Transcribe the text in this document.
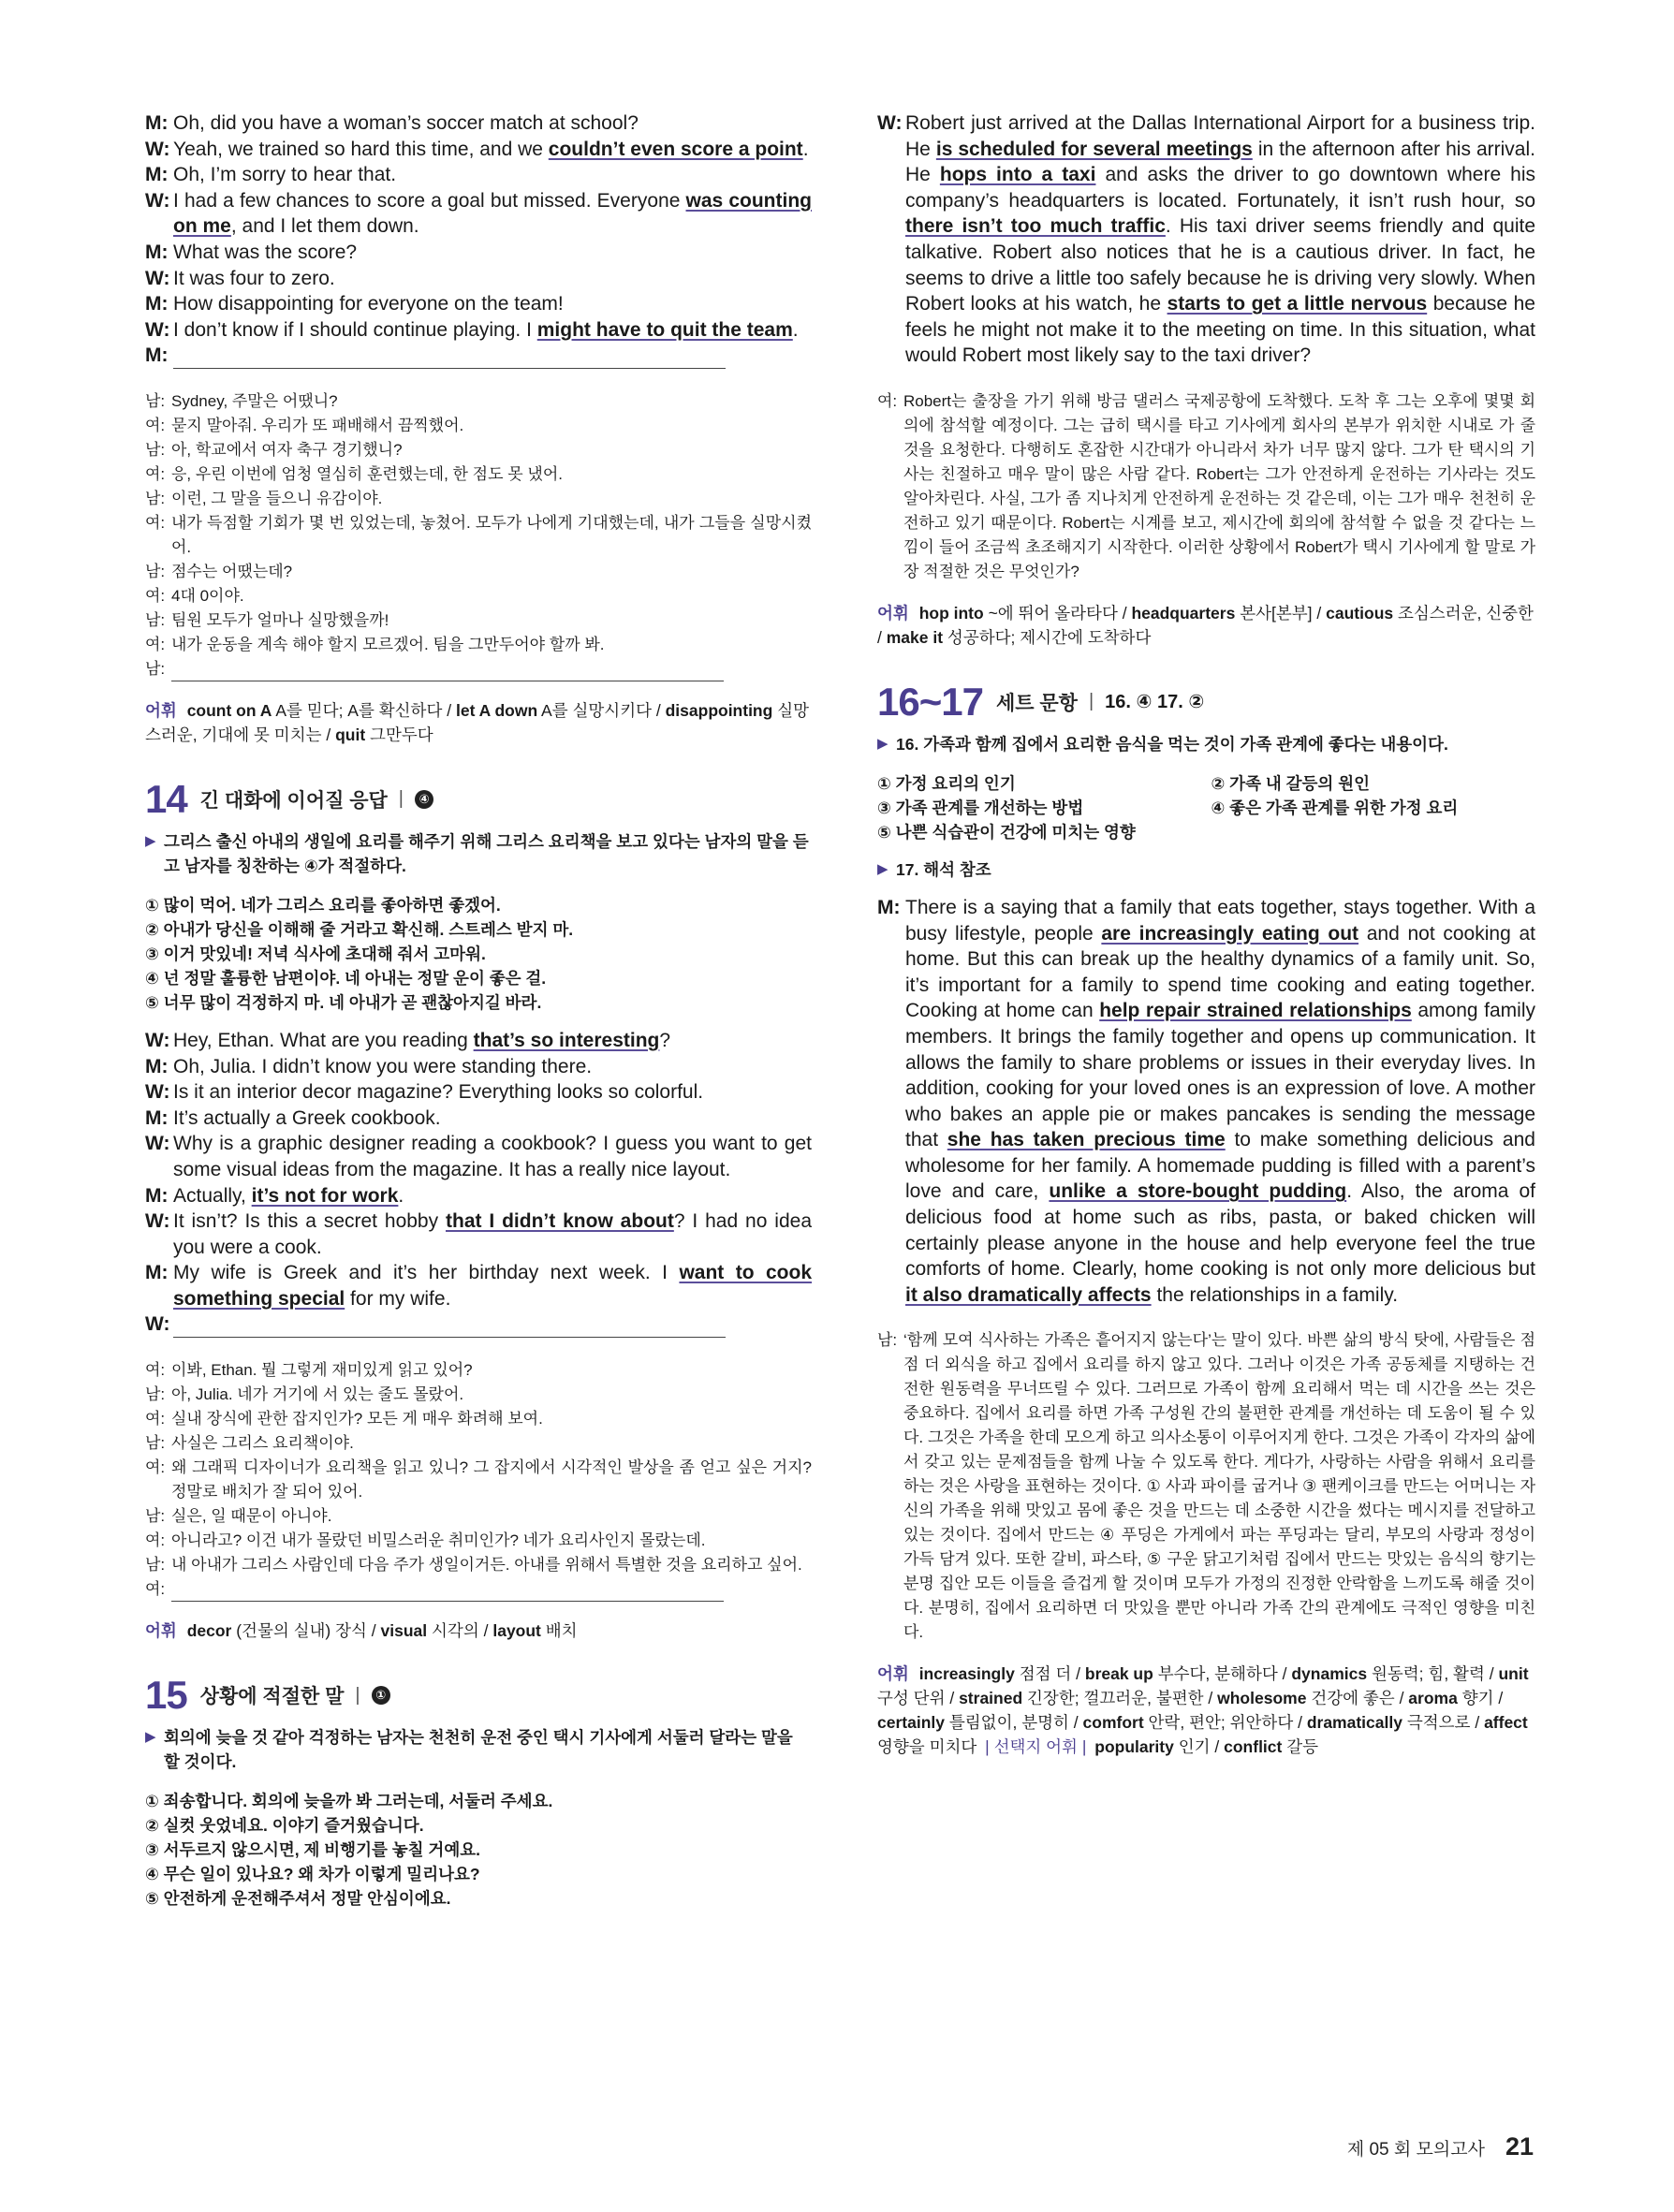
M: Oh, did you have a woman’s soccer match at school?
W: Yeah, we trained so hard this time, and we couldn’t even score a point.
M: Oh, I’m sorry to hear that.
W: I had a few chances to score a goal but missed. Everyone was counting on me, and I let them down.
M: What was the score?
W: It was four to zero.
M: How disappointing for everyone on the team!
W: I don’t know if I should continue playing. I might have to quit the team.
M:
남: Sydney, 주말은 어땠니?
여: 묻지 말아줘. 우리가 또 패배해서 끔찍했어.
남: 아, 학교에서 여자 축구 경기했니?
여: 응, 우린 이번에 엄청 열심히 훈련했는데, 한 점도 못 냈어.
남: 이런, 그 말을 들으니 유감이야.
여: 내가 득점할 기회가 몇 번 있었는데, 놓쳤어. 모두가 나에게 기대했는데, 내가 그들을 실망시켰어.
남: 점수는 어땠는데?
여: 4대 0이야.
남: 팀원 모두가 얼마나 실망했을까!
여: 내가 운동을 계속 해야 할지 모르겠어. 팀을 그만두어야 할까 봐.
남:
어휘 count on A A를 믿다; A를 확신하다 / let A down A를 실망시키다 / disappointing 실망스러운, 기대에 못 미치는 / quit 그만두다
14 긴 대화에 이어질 응답 |	④
▶ 그리스 출신 아내의 생일에 요리를 해주기 위해 그리스 요리책을 보고 있다는 남자의 말을 듣고 남자를 칭찬하는 ④가 적절하다.
① 많이 먹어. 네가 그리스 요리를 좋아하면 좋겠어.
② 아내가 당신을 이해해 줄 거라고 확신해. 스트레스 받지 마.
③ 이거 맛있네! 저녁 식사에 초대해 줘서 고마워.
④ 넌 정말 훌륭한 남편이야. 네 아내는 정말 운이 좋은 걸.
⑤ 너무 많이 걱정하지 마. 네 아내가 곧 괜찮아지길 바라.
W: Hey, Ethan. What are you reading that’s so interesting?
M: Oh, Julia. I didn’t know you were standing there.
W: Is it an interior decor magazine? Everything looks so colorful.
M: It’s actually a Greek cookbook.
W: Why is a graphic designer reading a cookbook? I guess you want to get some visual ideas from the magazine. It has a really nice layout.
M: Actually, it’s not for work.
W: It isn’t? Is this a secret hobby that I didn’t know about? I had no idea you were a cook.
M: My wife is Greek and it’s her birthday next week. I want to cook something special for my wife.
W:
여: 이봐, Ethan. 뭘 그렇게 재미있게 읽고 있어?
남: 아, Julia. 네가 거기에 서 있는 줄도 몰랐어.
여: 실내 장식에 관한 잡지인가? 모든 게 매우 화려해 보여.
남: 사실은 그리스 요리책이야.
여: 왜 그래픽 디자이너가 요리책을 읽고 있니? 그 잡지에서 시각적인 발상을 좀 얻고 싶은 거지? 정말로 배치가 잘 되어 있어.
남: 실은, 일 때문이 아니야.
여: 아니라고? 이건 내가 몰랐던 비밀스러운 취미인가? 네가 요리사인지 몰랐는데.
남: 내 아내가 그리스 사람인데 다음 주가 생일이거든. 아내를 위해서 특별한 것을 요리하고 싶어.
여:
어휘 decor (건물의 실내) 장식 / visual 시각의 / layout 배치
15 상황에 적절한 말 |	①
▶ 회의에 늦을 것 같아 걱정하는 남자는 천천히 운전 중인 택시 기사에게 서둘러 달라는 말을 할 것이다.
① 죄송합니다. 회의에 늦을까 봐 그러는데, 서둘러 주세요.
② 실컷 웃었네요. 이야기 즐거웠습니다.
③ 서두르지 않으시면, 제 비행기를 놓칠 거예요.
④ 무슨 일이 있나요? 왜 차가 이렇게 밀리나요?
⑤ 안전하게 운전해주셔서 정말 안심이에요.
W: Robert just arrived at the Dallas International Airport for a business trip. He is scheduled for several meetings in the afternoon after his arrival. He hops into a taxi and asks the driver to go downtown where his company’s headquarters is located. Fortunately, it isn’t rush hour, so there isn’t too much traffic. His taxi driver seems friendly and quite talkative. Robert also notices that he is a cautious driver. In fact, he seems to drive a little too safely because he is driving very slowly. When Robert looks at his watch, he starts to get a little nervous because he feels he might not make it to the meeting on time. In this situation, what would Robert most likely say to the taxi driver?
여: Robert는 출장을 가기 위해 방금 댈러스 국제공항에 도착했다. 도착 후 그는 오후에 몇몇 회의에 참석할 예정이다. 그는 급히 택시를 타고 기사에게 회사의 본부가 위치한 시내로 가 줄 것을 요청한다. 다행히도 혼잡한 시간대가 아니라서 차가 너무 많지 않다. 그가 탄 택시의 기사는 친절하고 매우 말이 많은 사람 같다. Robert는 그가 안전하게 운전하는 기사라는 것도 알아차린다. 사실, 그가 좀 지나치게 안전하게 운전하는 것 같은데, 이는 그가 매우 천천히 운전하고 있기 때문이다. Robert는 시계를 보고, 제시간에 회의에 참석할 수 없을 것 같다는 느낌이 들어 조금씩 초조해지기 시작한다. 이러한 상황에서 Robert가 택시 기사에게 할 말로 가장 적절한 것은 무엇인가?
어휘 hop into ~에 뛰어 올라타다 / headquarters 본사[본부] / cautious 조심스러운, 신중한 / make it 성공하다; 제시간에 도착하다
16~17 세트 문항 | 16. ④ 17. ②
▶ 16. 가족과 함께 집에서 요리한 음식을 먹는 것이 가족 관계에 좋다는 내용이다.
① 가정 요리의 인기	② 가족 내 갈등의 원인
③ 가족 관계를 개선하는 방법	④ 좋은 가족 관계를 위한 가정 요리
⑤ 나쁜 식습관이 건강에 미치는 영향
▶ 17. 해석 참조
M: There is a saying that a family that eats together, stays together. With a busy lifestyle, people are increasingly eating out and not cooking at home. But this can break up the healthy dynamics of a family unit. So, it’s important for a family to spend time cooking and eating together. Cooking at home can help repair strained relationships among family members. It brings the family together and opens up communication. It allows the family to share problems or issues in their everyday lives. In addition, cooking for your loved ones is an expression of love. A mother who bakes an apple pie or makes pancakes is sending the message that she has taken precious time to make something delicious and wholesome for her family. A homemade pudding is filled with a parent’s love and care, unlike a store-bought pudding. Also, the aroma of delicious food at home such as ribs, pasta, or baked chicken will certainly please anyone in the house and help everyone feel the true comforts of home. Clearly, home cooking is not only more delicious but it also dramatically affects the relationships in a family.
남: ‘함께 모여 식사하는 가족은 흩어지지 않는다’는 말이 있다. 바쁜 삶의 방식 탓에, 사람들은 점점 더 외식을 하고 집에서 요리를 하지 않고 있다. 그러나 이것은 가족 공동체를 지탱하는 건전한 원동력을 무너뜨릴 수 있다. 그러므로 가족이 함께 요리해서 먹는 데 시간을 쓰는 것은 중요하다. 집에서 요리를 하면 가족 구성원 간의 불편한 관계를 개선하는 데 도움이 될 수 있다. 그것은 가족을 한데 모으게 하고 의사소통이 이루어지게 한다. 그것은 가족이 각자의 삶에서 갖고 있는 문제점들을 함께 나눌 수 있도록 한다. 게다가, 사랑하는 사람을 위해서 요리를 하는 것은 사랑을 표현하는 것이다. ① 사과 파이를 굽거나 ③ 팬케이크를 만드는 어머니는 자신의 가족을 위해 맛있고 몸에 좋은 것을 만드는 데 소중한 시간을 썼다는 메시지를 전달하고 있는 것이다. 집에서 만드는 ④ 푸딩은 가게에서 파는 푸딩과는 달리, 부모의 사랑과 정성이 가득 담겨 있다. 또한 갈비, 파스타, ⑤ 구운 닭고기처럼 집에서 만드는 맛있는 음식의 향기는 분명 집안 모든 이들을 즐겁게 할 것이며 모두가 가정의 진정한 안락함을 느끼도록 해줄 것이다. 분명히, 집에서 요리하면 더 맛있을 뿐만 아니라 가족 간의 관계에도 극적인 영향을 미친다.
어휘 increasingly 점점 더 / break up 부수다, 분해하다 / dynamics 원동력; 힘, 활력 / unit 구성 단위 / strained 긴장한; 껄끄러운, 불편한 / wholesome 건강에 좋은 / aroma 향기 / certainly 틀림없이, 분명히 / comfort 안락, 편안; 위안하다 / dramatically 극적으로 / affect 영향을 미치다 | 선택지 어휘 | popularity 인기 / conflict 갈등
제 05 회 모의고사 21
